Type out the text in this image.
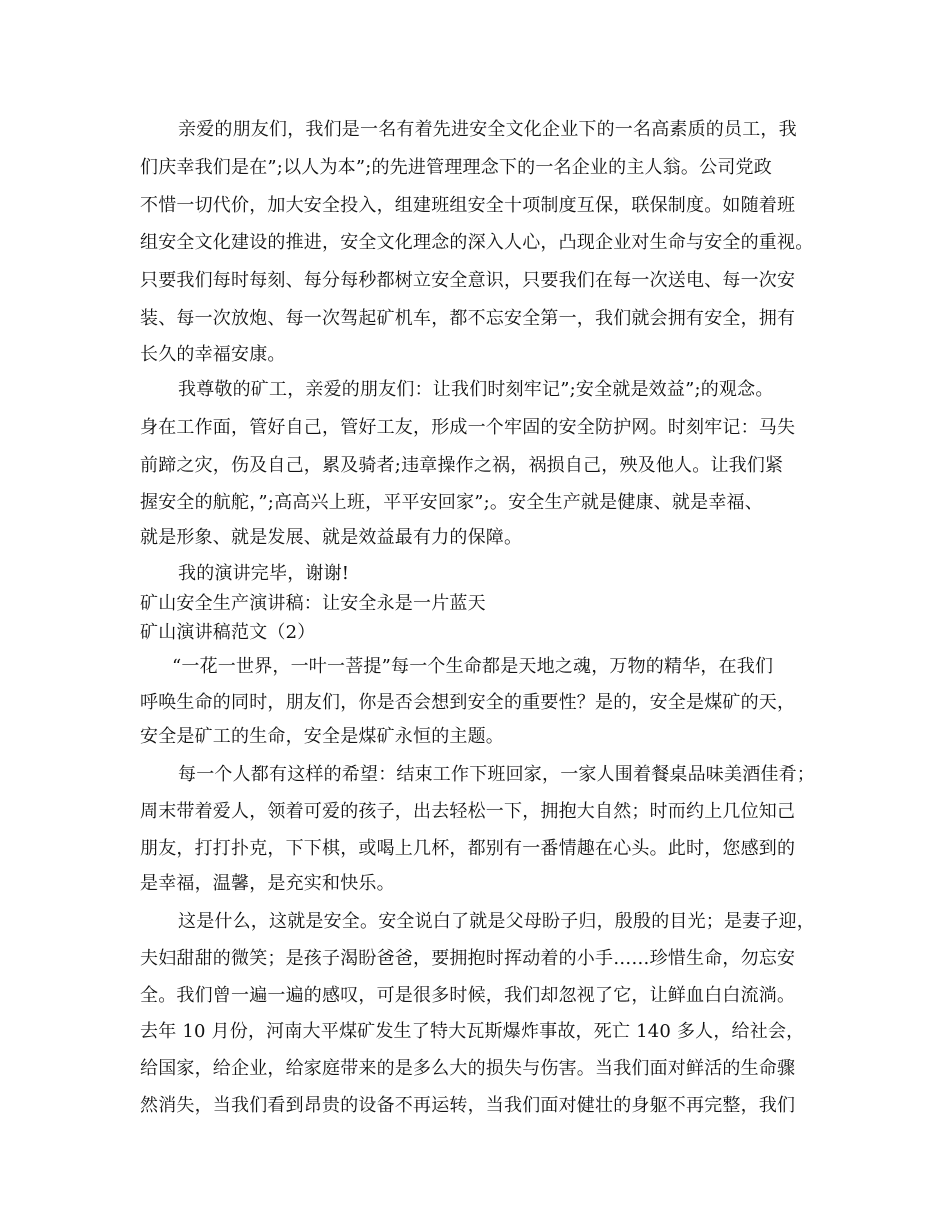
亲爱的朋友们，我们是一名有着先进安全文化企业下的一名高素质的员工，我
们庆幸我们是在”;以人为本”;的先进管理理念下的一名企业的主人翁。公司党政
不惜一切代价，加大安全投入，组建班组安全十项制度互保，联保制度。如随着班
组安全文化建设的推进，安全文化理念的深入人心，凸现企业对生命与安全的重视。
只要我们每时每刻、每分每秒都树立安全意识，只要我们在每一次送电、每一次安
装、每一次放炮、每一次驾起矿机车，都不忘安全第一，我们就会拥有安全，拥有
长久的幸福安康。
我尊敬的矿工，亲爱的朋友们：让我们时刻牢记”;安全就是效益”;的观念。
身在工作面，管好自己，管好工友，形成一个牢固的安全防护网。时刻牢记：马失
前蹄之灾，伤及自己，累及骑者;违章操作之祸，祸损自己，殃及他人。让我们紧
握安全的航舵，”;高高兴上班，平平安回家”;。安全生产就是健康、就是幸福、
就是形象、就是发展、就是效益最有力的保障。
我的演讲完毕，谢谢!
矿山安全生产演讲稿：让安全永是一片蓝天
矿山演讲稿范文（2）
“一花一世界，一叶一菩提”每一个生命都是天地之魂，万物的精华，在我们
呼唤生命的同时，朋友们，你是否会想到安全的重要性？是的，安全是煤矿的天，
安全是矿工的生命，安全是煤矿永恒的主题。
每一个人都有这样的希望：结束工作下班回家，一家人围着餐桌品味美酒佳肴；
周末带着爱人，领着可爱的孩子，出去轻松一下，拥抱大自然；时而约上几位知己
朋友，打打扑克，下下棋，或喝上几杯，都别有一番情趣在心头。此时，您感到的
是幸福，温馨，是充实和快乐。
这是什么，这就是安全。安全说白了就是父母盼子归，殷殷的目光；是妻子迎，
夫妇甜甜的微笑；是孩子渴盼爸爸，要拥抱时挥动着的小手……珍惜生命，勿忘安
全。我们曾一遍一遍的感叹，可是很多时候，我们却忽视了它，让鲜血白白流淌。
去年 10 月份，河南大平煤矿发生了特大瓦斯爆炸事故，死亡 140 多人，给社会，
给国家，给企业，给家庭带来的是多么大的损失与伤害。当我们面对鲜活的生命骤
然消失，当我们看到昂贵的设备不再运转，当我们面对健壮的身躯不再完整，我们
